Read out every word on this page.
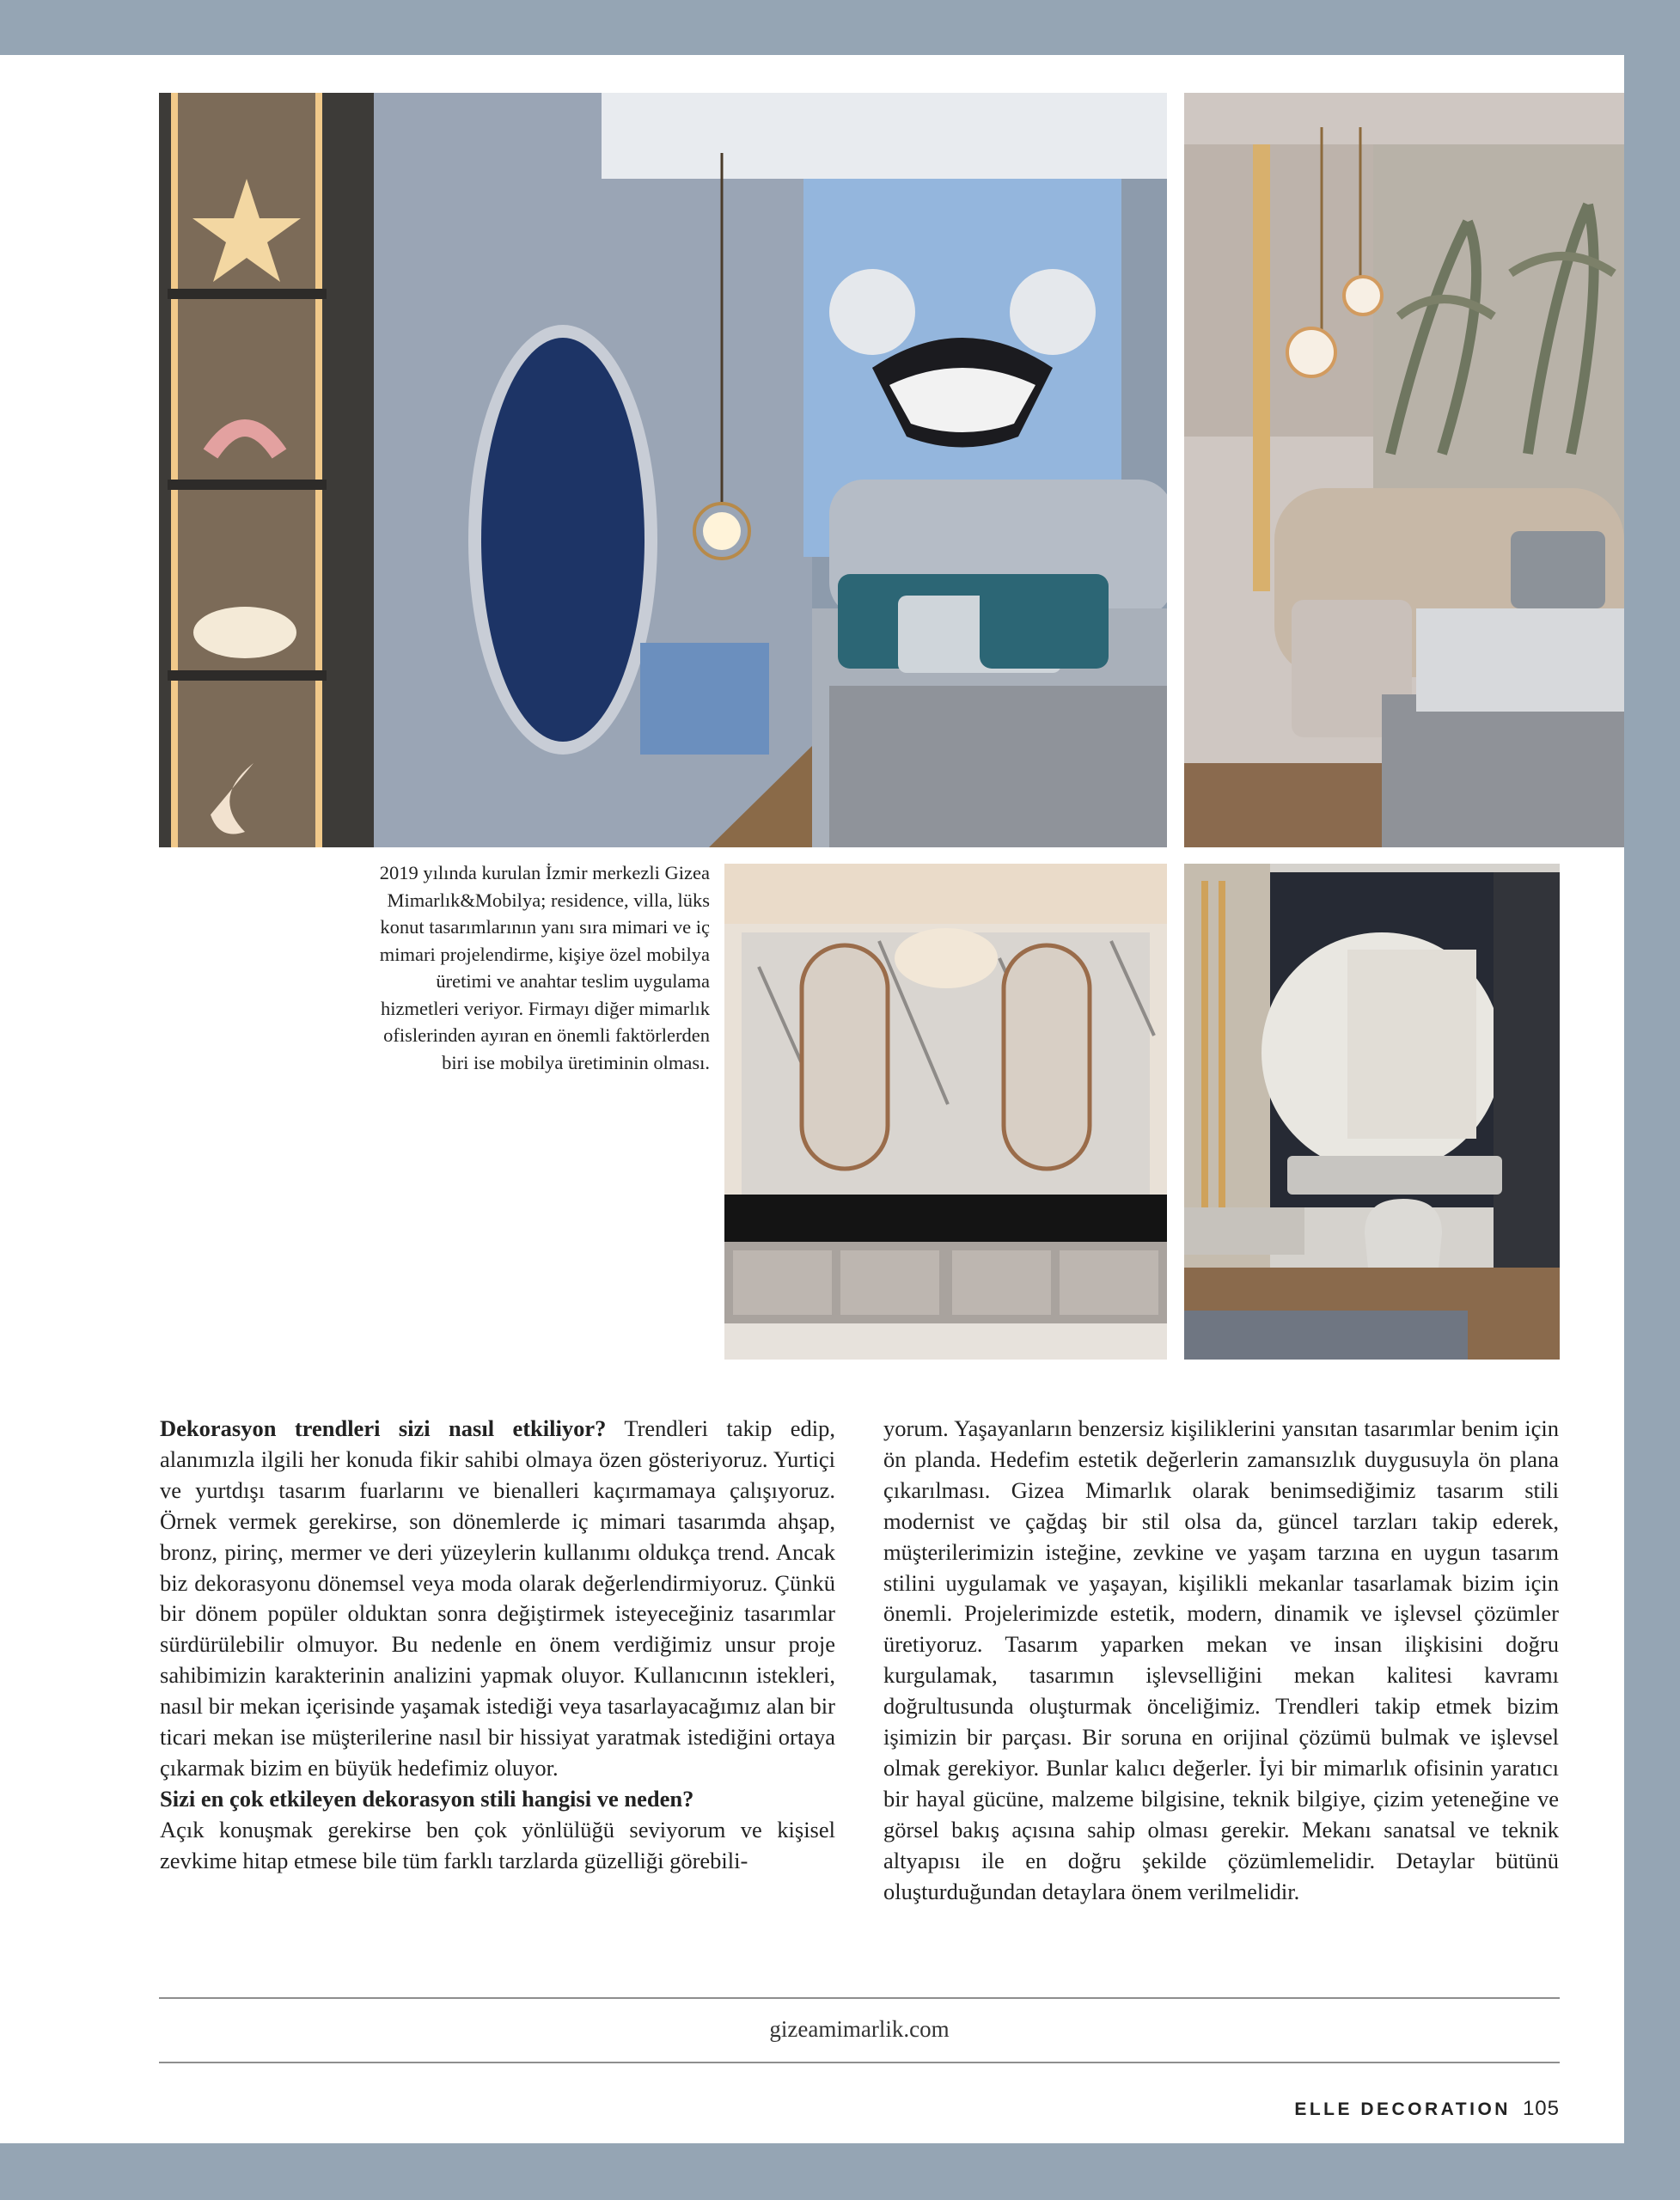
2019 yılında kurulan İzmir merkezli Gizea Mimarlık&Mobilya; residence, villa, lüks konut tasarımlarının yanı sıra mimari ve iç mimari projelendirme, kişiye özel mobilya üretimi ve anahtar teslim uygulama hizmetleri veriyor. Firmayı diğer mimarlık ofislerinden ayıran en önemli faktörlerden biri ise mobilya üretiminin olması.

Dekorasyon trendleri sizi nasıl etkiliyor? Trendleri takip edip, alanımızla ilgili her konuda fikir sahibi olmaya özen gösteriyoruz. Yurtiçi ve yurtdışı tasarım fuarlarını ve bienalleri kaçırmamaya çalışıyoruz. Örnek vermek gerekirse, son dönemlerde iç mimari tasarımda ahşap, bronz, pirinç, mermer ve deri yüzeylerin kullanımı oldukça trend. Ancak biz dekorasyonu dönemsel veya moda olarak değerlendirmiyoruz. Çünkü bir dönem popüler olduktan sonra değiştirmek isteyeceğiniz tasarımlar sürdürülebilir olmuyor. Bu nedenle en önem verdiğimiz unsur proje sahibimizin karakterinin analizini yapmak oluyor. Kullanıcının istekleri, nasıl bir mekan içerisinde yaşamak istediği veya tasarlayacağımız alan bir ticari mekan ise müşterilerine nasıl bir hissiyat yaratmak istediğini ortaya çıkarmak bizim en büyük hedefimiz oluyor.

Sizi en çok etkileyen dekorasyon stili hangisi ve neden?
Açık konuşmak gerekirse ben çok yönlülüğü seviyorum ve kişisel zevkime hitap etmese bile tüm farklı tarzlarda güzelliği görebili-

yorum. Yaşayanların benzersiz kişiliklerini yansıtan tasarımlar benim için ön planda. Hedefim estetik değerlerin zamansızlık duygusuyla ön plana çıkarılması. Gizea Mimarlık olarak benimsediğimiz tasarım stili modernist ve çağdaş bir stil olsa da, güncel tarzları takip ederek, müşterilerimizin isteğine, zevkine ve yaşam tarzına en uygun tasarım stilini uygulamak ve yaşayan, kişilikli mekanlar tasarlamak bizim için önemli. Projelerimizde estetik, modern, dinamik ve işlevsel çözümler üretiyoruz. Tasarım yaparken mekan ve insan ilişkisini doğru kurgulamak, tasarımın işlevselliğini mekan kalitesi kavramı doğrultusunda oluşturmak önceliğimiz. Trendleri takip etmek bizim işimizin bir parçası. Bir soruna en orijinal çözümü bulmak ve işlevsel olmak gerekiyor. Bunlar kalıcı değerler. İyi bir mimarlık ofisinin yaratıcı bir hayal gücüne, malzeme bilgisine, teknik bilgiye, çizim yeteneğine ve görsel bakış açısına sahip olması gerekir. Mekanı sanatsal ve teknik altyapısı ile en doğru şekilde çözümlemelidir. Detaylar bütünü oluşturduğundan detaylara önem verilmelidir.

gizeamimarlik.com
ELLE DECORATION 105
